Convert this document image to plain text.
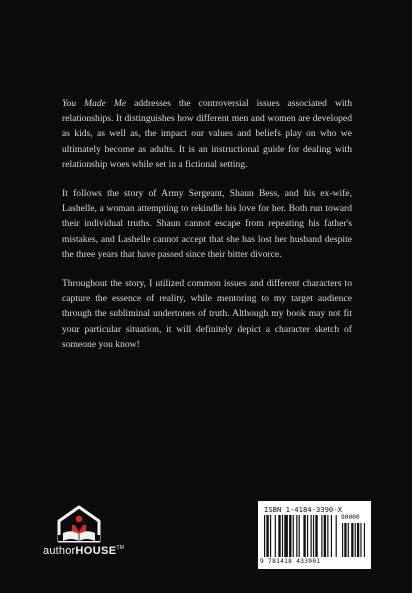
You Made Me addresses the controversial issues associated with relationships. It distinguishes how different men and women are developed as kids, as well as, the impact our values and beliefs play on who we ultimately become as adults. It is an instructional guide for dealing with relationship woes while set in a fictional setting.

It follows the story of Army Sergeant, Shaun Bess, and his ex-wife, Lashelle, a woman attempting to rekindle his love for her. Both run toward their individual truths. Shaun cannot escape from repeating his father's mistakes, and Lashelle cannot accept that she has lost her husband despite the three years that have passed since their bitter divorce.

Throughout the story, I utilized common issues and different characters to capture the essence of reality, while mentoring to my target audience through the subliminal undertones of truth. Although my book may not fit your particular situation, it will definitely depict a character sketch of someone you know!

authorHOUSE™
ISBN 1-4184-3390-X
90000
9 781418 433901
